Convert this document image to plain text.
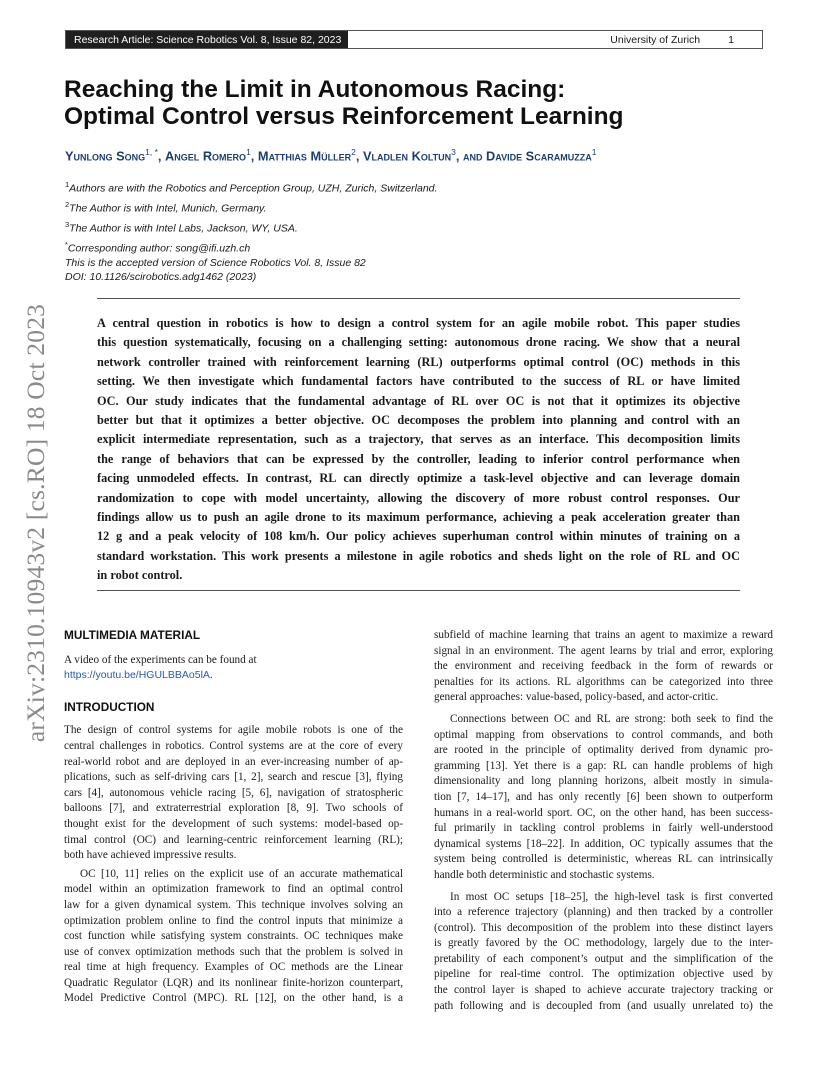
Research Article: Science Robotics Vol. 8, Issue 82, 2023	University of Zurich	1
arXiv:2310.10943v2 [cs.RO] 18 Oct 2023
Reaching the Limit in Autonomous Racing:
Optimal Control versus Reinforcement Learning
Yunlong Song$^{1, *}$, Angel Romero$^1$, Matthias Müller$^2$, Vladlen Koltun$^3$, and Davide Scaramuzza$^1$
$^1$Authors are with the Robotics and Perception Group, UZH, Zurich, Switzerland.
$^2$The Author is with Intel, Munich, Germany.
$^3$The Author is with Intel Labs, Jackson, WY, USA.
*Corresponding author: song@ifi.uzh.ch
This is the accepted version of Science Robotics Vol. 8, Issue 82
DOI: 10.1126/scirobotics.adg1462 (2023)
A central question in robotics is how to design a control system for an agile mobile robot. This paper studies
this question systematically, focusing on a challenging setting: autonomous drone racing. We show that a neural
network controller trained with reinforcement learning (RL) outperforms optimal control (OC) methods in this
setting. We then investigate which fundamental factors have contributed to the success of RL or have limited
OC. Our study indicates that the fundamental advantage of RL over OC is not that it optimizes its objective
better but that it optimizes a better objective. OC decomposes the problem into planning and control with an
explicit intermediate representation, such as a trajectory, that serves as an interface. This decomposition limits
the range of behaviors that can be expressed by the controller, leading to inferior control performance when
facing unmodeled effects. In contrast, RL can directly optimize a task-level objective and can leverage domain
randomization to cope with model uncertainty, allowing the discovery of more robust control responses. Our
findings allow us to push an agile drone to its maximum performance, achieving a peak acceleration greater than
12 g and a peak velocity of 108 km/h. Our policy achieves superhuman control within minutes of training on a
standard workstation. This work presents a milestone in agile robotics and sheds light on the role of RL and OC
in robot control.
MULTIMEDIA MATERIAL
A video of the experiments can be found at
https://youtu.be/HGULBBAo5lA.
INTRODUCTION
The design of control systems for agile mobile robots is one of the
central challenges in robotics. Control systems are at the core of every
real-world robot and are deployed in an ever-increasing number of ap-
plications, such as self-driving cars [1, 2], search and rescue [3], flying
cars [4], autonomous vehicle racing [5, 6], navigation of stratospheric
balloons [7], and extraterrestrial exploration [8, 9]. Two schools of
thought exist for the development of such systems: model-based op-
timal control (OC) and learning-centric reinforcement learning (RL);
both have achieved impressive results.
OC [10, 11] relies on the explicit use of an accurate mathematical
model within an optimization framework to find an optimal control
law for a given dynamical system. This technique involves solving an
optimization problem online to find the control inputs that minimize a
cost function while satisfying system constraints. OC techniques make
use of convex optimization methods such that the problem is solved in
real time at high frequency. Examples of OC methods are the Linear
Quadratic Regulator (LQR) and its nonlinear finite-horizon counterpart,
Model Predictive Control (MPC). RL [12], on the other hand, is a
subfield of machine learning that trains an agent to maximize a reward
signal in an environment. The agent learns by trial and error, exploring
the environment and receiving feedback in the form of rewards or
penalties for its actions. RL algorithms can be categorized into three
general approaches: value-based, policy-based, and actor-critic.
Connections between OC and RL are strong: both seek to find the
optimal mapping from observations to control commands, and both
are rooted in the principle of optimality derived from dynamic pro-
gramming [13]. Yet there is a gap: RL can handle problems of high
dimensionality and long planning horizons, albeit mostly in simula-
tion [7, 14–17], and has only recently [6] been shown to outperform
humans in a real-world sport. OC, on the other hand, has been success-
ful primarily in tackling control problems in fairly well-understood
dynamical systems [18–22]. In addition, OC typically assumes that the
system being controlled is deterministic, whereas RL can intrinsically
handle both deterministic and stochastic systems.
In most OC setups [18–25], the high-level task is first converted
into a reference trajectory (planning) and then tracked by a controller
(control). This decomposition of the problem into these distinct layers
is greatly favored by the OC methodology, largely due to the inter-
pretability of each component’s output and the simplification of the
pipeline for real-time control. The optimization objective used by
the control layer is shaped to achieve accurate trajectory tracking or
path following and is decoupled from (and usually unrelated to) the
